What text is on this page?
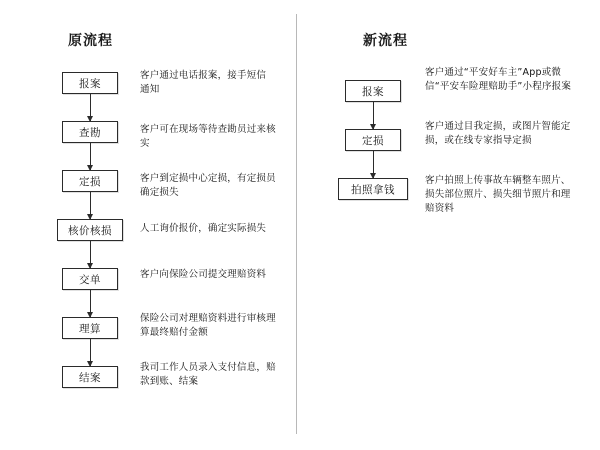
原流程
报案
查勘
定损
核价核损
交单
理算
结案
客户通过电话报案，接手短信通知
客户可在现场等待查勘员过来核实
客户到定损中心定损，有定损员确定损失
人工询价报价，确定实际损失
客户向保险公司提交理赔资料
保险公司对理赔资料进行审核理算最终赔付金额
我司工作人员录入支付信息，赔款到账、结案
新流程
报案
定损
拍照拿钱
客户通过“平安好车主”App或微信“平安车险理赔助手”小程序报案
客户通过目我定损，或图片智能定损，或在线专家指导定损
客户拍照上传事故车辆整车照片、损失部位照片、损失细节照片和理赔资料
